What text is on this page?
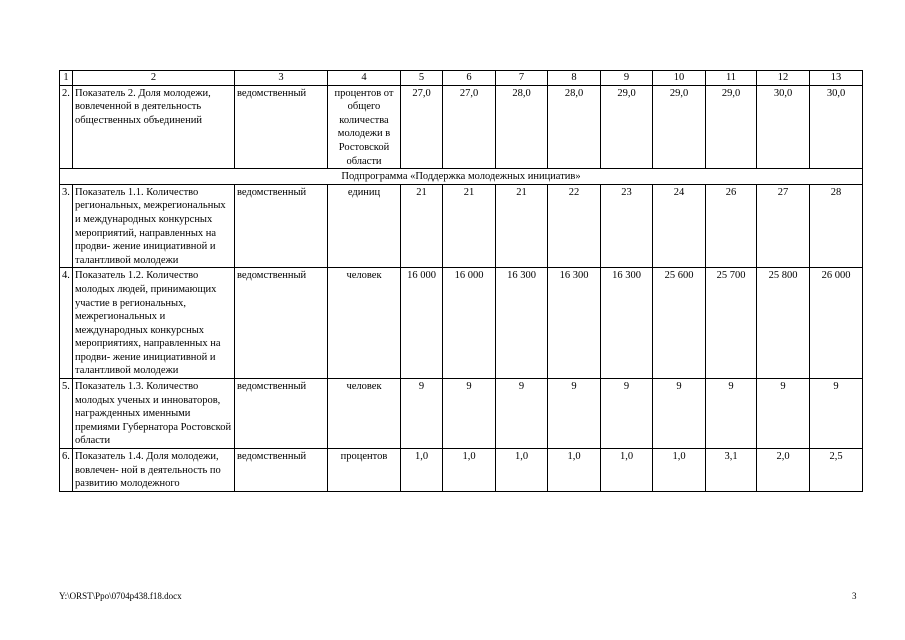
1	2	3	4	5	6	7	8	9	10	11	12	13
2.	Показатель 2. Доля молодежи, вовлеченной в деятельность общественных объединений	ведомственный	процентов от общего количества молодежи в Ростовской области	27,0	27,0	28,0	28,0	29,0	29,0	29,0	30,0	30,0
Подпрограмма «Поддержка молодежных инициатив»												
3.	Показатель 1.1. Количество региональных, межрегиональных и международных конкурсных мероприятий, направленных на продви- жение инициативной и талантливой молодежи	ведомственный	единиц	21	21	21	22	23	24	26	27	28
4.	Показатель 1.2. Количество молодых людей, принимающих участие в региональных, межрегиональных и международных конкурсных мероприятиях, направленных на продви- жение инициативной и талантливой молодежи	ведомственный	человек	16 000	16 000	16 300	16 300	16 300	25 600	25 700	25 800	26 000
5.	Показатель 1.3. Количество молодых ученых и инноваторов, награжденных именными премиями Губернатора Ростовской области	ведомственный	человек	9	9	9	9	9	9	9	9	9
6.	Показатель 1.4. Доля молодежи, вовлечен- ной в деятельность по развитию молодежного	ведомственный	процентов	1,0	1,0	1,0	1,0	1,0	1,0	3,1	2,0	2,5
Y:\ORST\Ppo\0704p438.f18.docx	3
